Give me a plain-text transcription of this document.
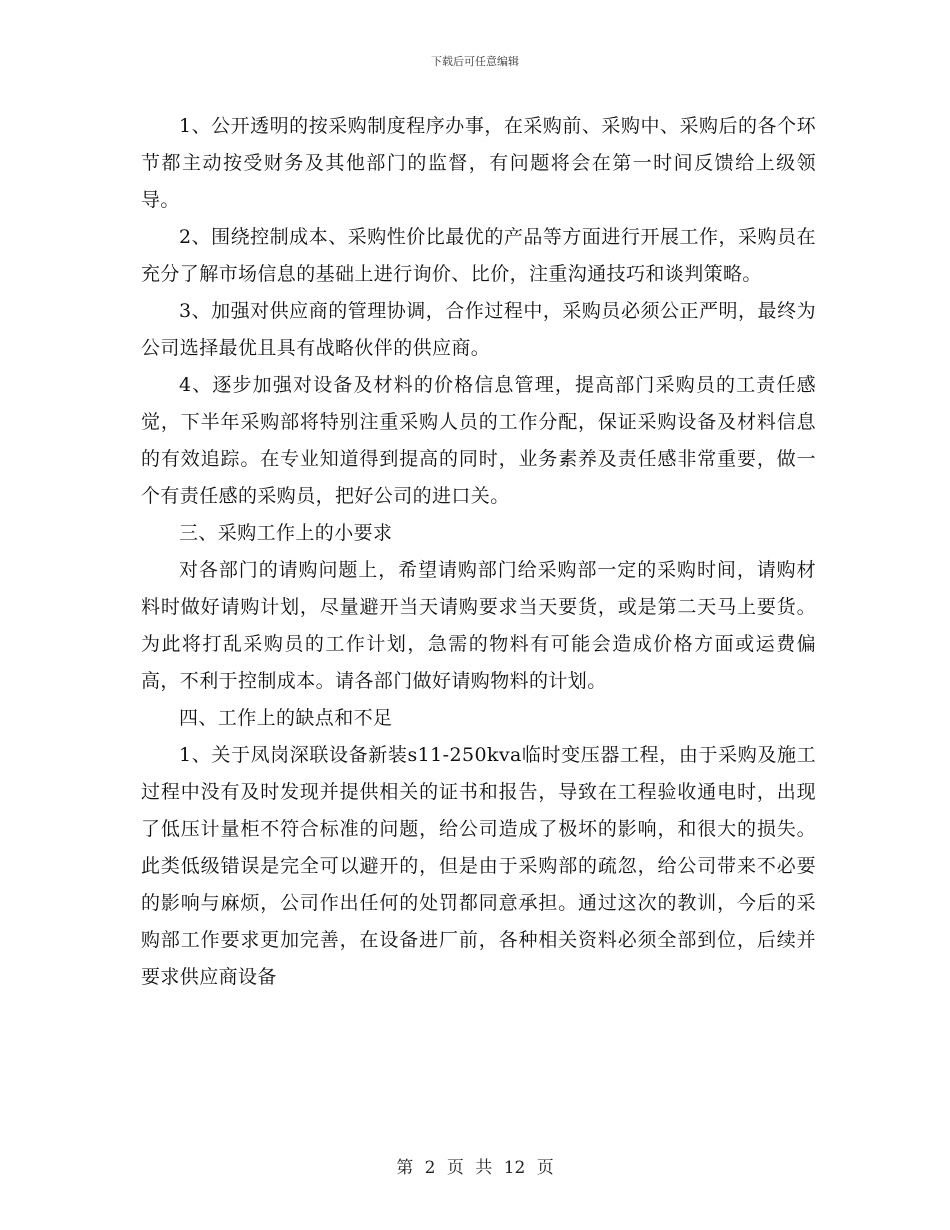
下载后可任意编辑

1、公开透明的按采购制度程序办事，在采购前、采购中、采购后的各个环节都主动按受财务及其他部门的监督，有问题将会在第一时间反馈给上级领导。

2、围绕控制成本、采购性价比最优的产品等方面进行开展工作，采购员在充分了解市场信息的基础上进行询价、比价，注重沟通技巧和谈判策略。

3、加强对供应商的管理协调，合作过程中，采购员必须公正严明，最终为公司选择最优且具有战略伙伴的供应商。

4、逐步加强对设备及材料的价格信息管理，提高部门采购员的工责任感觉，下半年采购部将特别注重采购人员的工作分配，保证采购设备及材料信息的有效追踪。在专业知道得到提高的同时，业务素养及责任感非常重要，做一个有责任感的采购员，把好公司的进口关。

三、采购工作上的小要求

对各部门的请购问题上，希望请购部门给采购部一定的采购时间，请购材料时做好请购计划，尽量避开当天请购要求当天要货，或是第二天马上要货。为此将打乱采购员的工作计划，急需的物料有可能会造成价格方面或运费偏高，不利于控制成本。请各部门做好请购物料的计划。

四、工作上的缺点和不足

1、关于凤岗深联设备新装s11-250kva临时变压器工程，由于采购及施工过程中没有及时发现并提供相关的证书和报告，导致在工程验收通电时，出现了低压计量柜不符合标准的问题，给公司造成了极坏的影响，和很大的损失。此类低级错误是完全可以避开的，但是由于采购部的疏忽，给公司带来不必要的影响与麻烦，公司作出任何的处罚都同意承担。通过这次的教训，今后的采购部工作要求更加完善，在设备进厂前，各种相关资料必须全部到位，后续并要求供应商设备

第 2 页 共 12 页
